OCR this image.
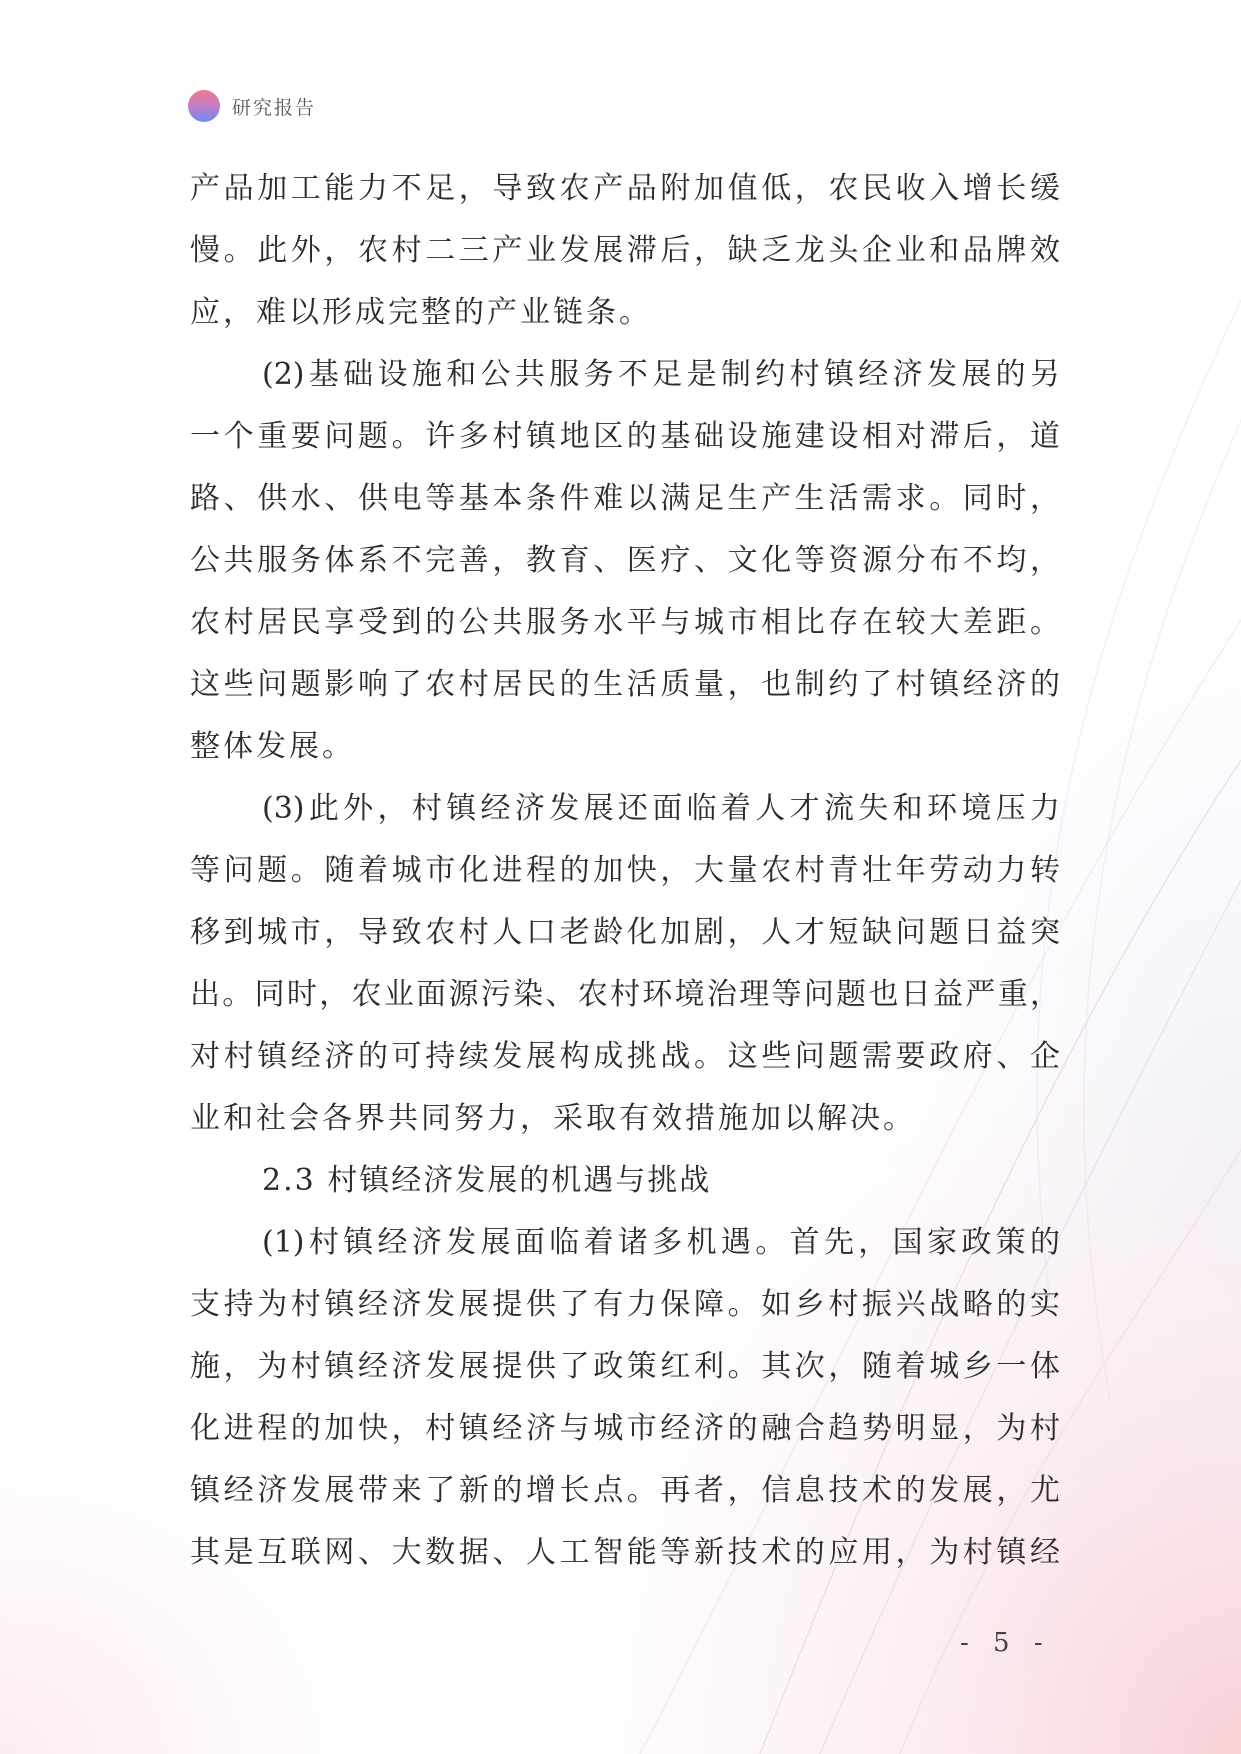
研究报告
产品加工能力不足，导致农产品附加值低，农民收入增长缓
慢。此外，农村二三产业发展滞后，缺乏龙头企业和品牌效
应，难以形成完整的产业链条。
(2)基础设施和公共服务不足是制约村镇经济发展的另
一个重要问题。许多村镇地区的基础设施建设相对滞后，道
路、供水、供电等基本条件难以满足生产生活需求。同时，
公共服务体系不完善，教育、医疗、文化等资源分布不均，
农村居民享受到的公共服务水平与城市相比存在较大差距。
这些问题影响了农村居民的生活质量，也制约了村镇经济的
整体发展。
(3)此外，村镇经济发展还面临着人才流失和环境压力
等问题。随着城市化进程的加快，大量农村青壮年劳动力转
移到城市，导致农村人口老龄化加剧，人才短缺问题日益突
出。同时，农业面源污染、农村环境治理等问题也日益严重，
对村镇经济的可持续发展构成挑战。这些问题需要政府、企
业和社会各界共同努力，采取有效措施加以解决。
2.3 村镇经济发展的机遇与挑战
(1)村镇经济发展面临着诸多机遇。首先，国家政策的
支持为村镇经济发展提供了有力保障。如乡村振兴战略的实
施，为村镇经济发展提供了政策红利。其次，随着城乡一体
化进程的加快，村镇经济与城市经济的融合趋势明显，为村
镇经济发展带来了新的增长点。再者，信息技术的发展，尤
其是互联网、大数据、人工智能等新技术的应用，为村镇经
- 5 -
